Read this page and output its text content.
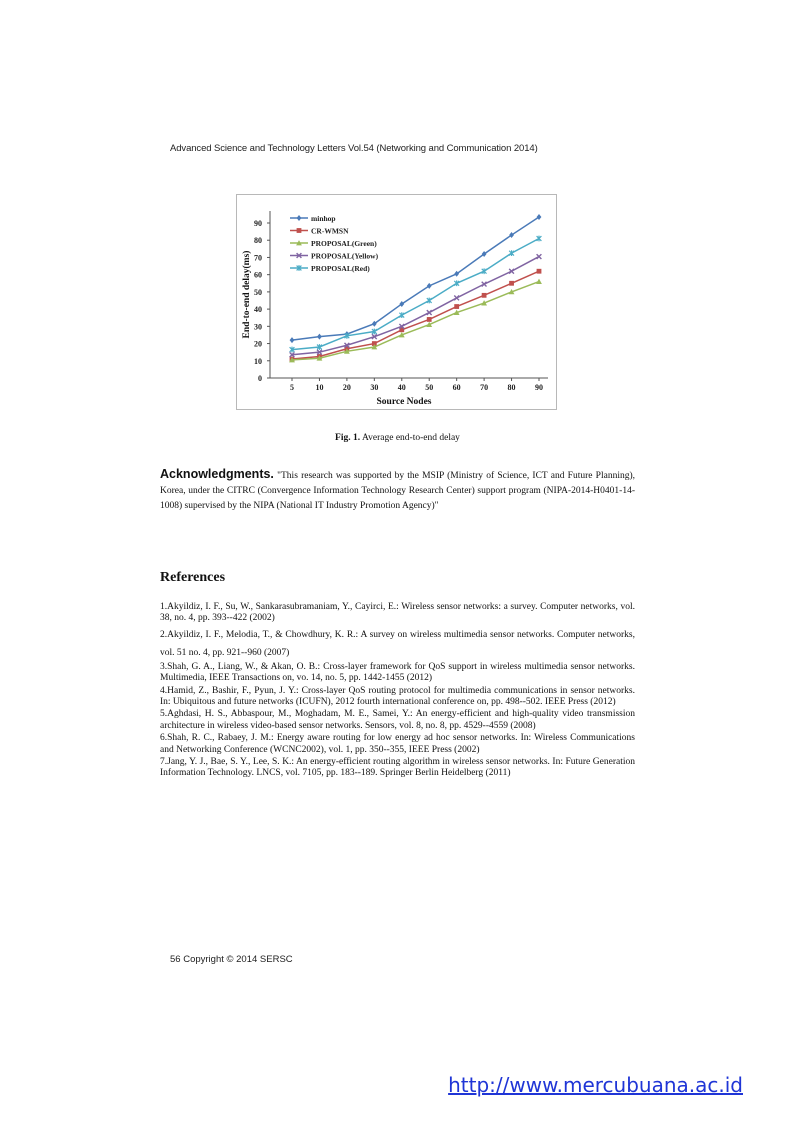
Advanced Science and Technology Letters Vol.54 (Networking and Communication 2014)
0
10
20
30
40
50
60
70
80
90
5	10 20 30 40 50 60 70 80 90
Source Nodes
End-to-end delay(ms)
minhop
CR-WMSN
PROPOSAL(Green)
PROPOSAL(Yellow)
PROPOSAL(Red)
Fig. 1. Average end-to-end delay
Acknowledgments. "This research was supported by the MSIP (Ministry of Science, ICT and Future Planning), Korea, under the CITRC (Convergence Information Technology Research Center) support program (NIPA-2014-H0401-14-1008) supervised by the NIPA (National IT Industry Promotion Agency)"
References
1.Akyildiz, I. F., Su, W., Sankarasubramaniam, Y., Cayirci, E.: Wireless sensor networks: a survey. Computer networks, vol. 38, no. 4, pp. 393--422 (2002)
2.Akyildiz, I. F., Melodia, T., & Chowdhury, K. R.: A survey on wireless multimedia sensor networks. Computer networks, vol. 51 no. 4, pp. 921--960 (2007)
3.Shah, G. A., Liang, W., & Akan, O. B.: Cross-layer framework for QoS support in wireless multimedia sensor networks. Multimedia, IEEE Transactions on, vo. 14, no. 5, pp. 1442-1455 (2012)
4.Hamid, Z., Bashir, F., Pyun, J. Y.: Cross-layer QoS routing protocol for multimedia communications in sensor networks. In: Ubiquitous and future networks (ICUFN), 2012 fourth international conference on, pp. 498--502. IEEE Press (2012)
5.Aghdasi, H. S., Abbaspour, M., Moghadam, M. E., Samei, Y.: An energy-efficient and high-quality video transmission architecture in wireless video-based sensor networks. Sensors, vol. 8, no. 8, pp. 4529--4559 (2008)
6.Shah, R. C., Rabaey, J. M.: Energy aware routing for low energy ad hoc sensor networks. In: Wireless Communications and Networking Conference (WCNC2002), vol. 1, pp. 350--355, IEEE Press (2002)
7.Jang, Y. J., Bae, S. Y., Lee, S. K.: An energy-efficient routing algorithm in wireless sensor networks. In: Future Generation Information Technology. LNCS, vol. 7105, pp. 183--189. Springer Berlin Heidelberg (2011)
56 Copyright © 2014 SERSC
http://www.mercubuana.ac.id
